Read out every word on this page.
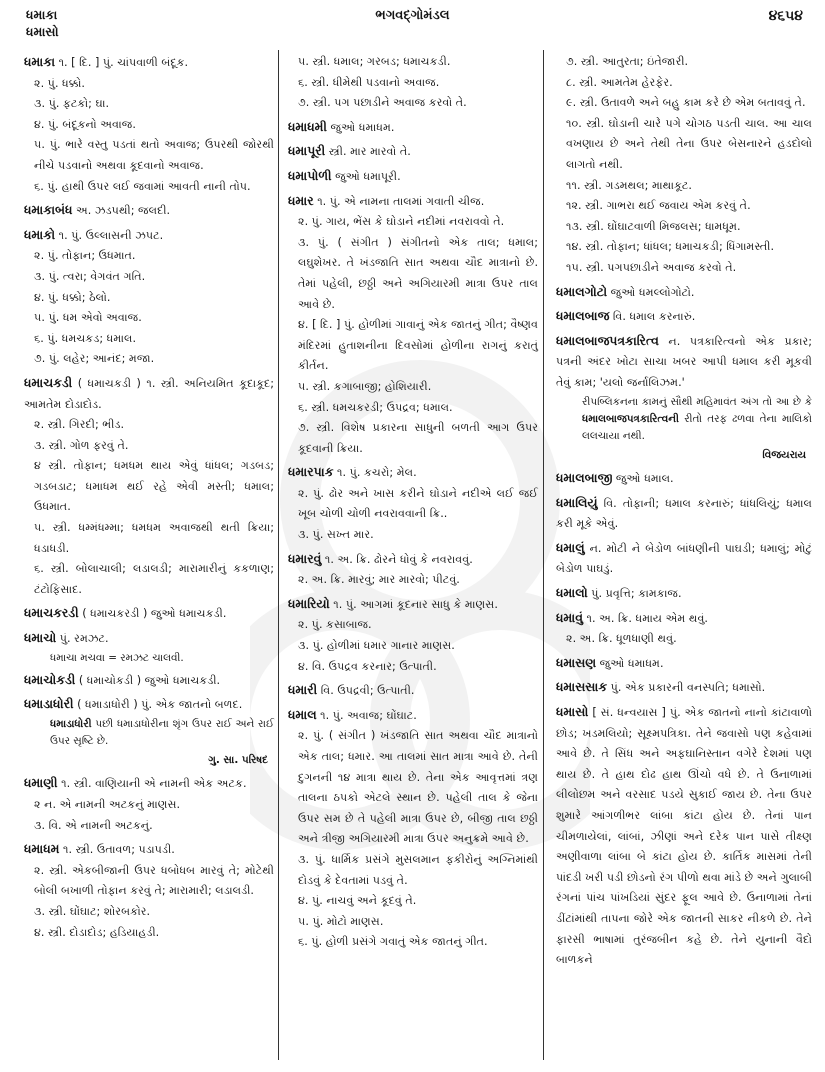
ધમાકા
ધમાસો
ભગવદ્ગોમંડલ	૪૬૫૪
ધમાકા ૧. [ દિ. ] પું. ચાંપવાળી બંદૂક.
૨. પું. ધક્કો.
૩. પું. ફટકો; ઘા.
૪. પું. બંદૂકનો અવાજ.
૫. પું. ભારે વસ્તુ પડતાં થતો અવાજ; ઉપરથી જોરથી નીચે પડવાનો અથવા કૂદવાનો અવાજ.
૬. પું. હાથી ઉપર લઈ જવામાં આવતી નાની તોપ.
ધમાકાબંધ અ. ઝડપથી; જલદી.
ધમાકો ૧. પું. ઉલ્લાસની ઝપટ.
૨. પું. તોફાન; ઉધમાત.
૩. પું. ત્વરા; વેગવંત ગતિ.
૪. પું. ધક્કો; ઠેલો.
૫. પું. ધમ એવો અવાજ.
૬. પું. ધમચકડ; ધમાલ.
૭. પું. લહેર; આનંદ; મજા.
ધમાચકડી ( ધમાચકડી ) ૧. સ્ત્રી. અનિયમિત કૂદાકૂદ; આમતેમ દોડાદોડ.
૨. સ્ત્રી. ગિરદી; ભીડ.
૩. સ્ત્રી. ગોળ ફરવું તે.
૪ સ્ત્રી. તોફાન; ધમધમ થાય એવું ધાંધલ; ગડબડ; ગડબડાટ; ધમાધમ થઈ રહે એવી મસ્તી; ધમાલ; ઉધમાત.
૫. સ્ત્રી. ધમ્મંધમ્મા; ધમધમ અવાજથી થતી ક્રિયા; ધડાધડી.
૬. સ્ત્રી. બોલાચાલી; લડાલડી; મારામારીનું કકળાણ; ટંટોફિસાદ.
ધમાચકરડી ( ધમાચકરડી ) જુઓ ધમાચકડી.
ધમાચો પું. રમઝટ.
ધમાચા મચવા = રમઝટ ચાલવી.
ધમાચોકડી ( ધમાચોકડી ) જુઓ ધમાચકડી.
ધમાડાધોરી ( ધમાડાધોરી ) પું. એક જાતનો બળદ.
ધમાડાધોરી પછી ધમાડાધોરીના શૃંગ ઉપર રાઈ અને રાઈ ઉપર સૃષ્ટિ છે.
ગુ. સા. પરિષદ
ધમાણી ૧. સ્ત્રી. વાણિયાની એ નામની એક અટક.
૨ ન. એ નામની અટકનું માણસ.
૩. વિ. એ નામની અટકનું.
ધમાધમ ૧. સ્ત્રી. ઉતાવળ; પડાપડી.
૨. સ્ત્રી. એકબીજાની ઉપર ધબોધબ મારવું તે; મોટેથી બોલી બખાળી તોફાન કરવું તે; મારામારી; લડાલડી.
૩. સ્ત્રી. ઘોંઘાટ; શોરબકોર.
૪. સ્ત્રી. દોડાદોડ; હડિયાહડી.
૫. સ્ત્રી. ધમાલ; ગરબડ; ધમાચકડી.
૬. સ્ત્રી. ધીમેથી પડવાનો અવાજ.
૭. સ્ત્રી. પગ પછાડીને અવાજ કરવો તે.
ધમાધમી જુઓ ધમાધમ.
ધમાપૂરી સ્ત્રી. માર મારવો તે.
ધમાપોળી જુઓ ધમાપૂરી.
ધમાર ૧. પું. એ નામના તાલમાં ગવાતી ચીજ.
૨. પું. ગાય, ભેંસ કે ઘોડાને નદીમાં નવરાવવો તે.
૩. પું. ( સંગીત ) સંગીતનો એક તાલ; ધમાલ; લઘુશેખર. તે ખંડજાતિ સાત અથવા ચૌદ માત્રાનો છે. તેમાં પહેલી, છઠ્ઠી અને અગિયારમી માત્રા ઉપર તાલ આવે છે.
૪. [ દિ. ] પું. હોળીમાં ગાવાનું એક જાતનું ગીત; વૈષ્ણવ મંદિરમાં હુતાશનીના દિવસોમાં હોળીના રાગનું કરાતું કીર્તન.
૫. સ્ત્રી. કગાબાજી; હોશિયારી.
૬. સ્ત્રી. ધમચકરડી; ઉપદ્રવ; ધમાલ.
૭. સ્ત્રી. વિશેષ પ્રકારના સાધુની બળતી આગ ઉપર કૂદવાની ક્રિયા.
ધમારપાક ૧. પું. કચરો; મેલ.
૨. પું. ઢોર અને ખાસ કરીને ઘોડાને નદીએ લઈ જઈ ખૂબ ચોળી ચોળી નવરાવવાની ક્રિ..
૩. પું. સખ્ત માર.
ધમારવું ૧. અ. ક્રિ. ઢોરને ધોવું કે નવરાવવું.
૨. અ. ક્રિ. મારવું; માર મારવો; પીટવું.
ધમારિયો ૧. પું. આગમાં કૂદનાર સાધુ કે માણસ.
૨. પું. કસાબાજ.
૩. પું. હોળીમાં ધમાર ગાનાર માણસ.
૪. વિ. ઉપદ્રવ કરનાર; ઉત્પાતી.
ધમારી વિ. ઉપદ્રવી; ઉત્પાતી.
ધમાલ ૧. પું. અવાજ; ઘોંઘાટ.
૨. પું. ( સંગીત ) ખંડજાતિ સાત અથવા ચૌદ માત્રાનો એક તાલ; ધમાર. આ તાલમાં સાત માત્રા આવે છે. તેની દુગનની ૧૪ માત્રા થાય છે. તેના એક આવૃત્તમાં ત્રણ તાલના ઠપકો એટલે સ્થાન છે. પહેલી તાલ કે જેના ઉપર સમ છે તે પહેલી માત્રા ઉપર છે, બીજી તાલ છઠ્ઠી અને ત્રીજી અગિયારમી માત્રા ઉપર અનુક્રમે આવે છે.
૩. પું. ધાર્મિક પ્રસંગે મુસલમાન ફકીરોનું અગ્નિમાંથી દોડવું કે દેવતામાં પડવું તે.
૪. પું. નાચવું અને કૂદવું તે.
૫. પું. મોટો માણસ.
૬. પું. હોળી પ્રસંગે ગવાતું એક જાતનું ગીત.
૭. સ્ત્રી. આતુરતા; ઇંતેજારી.
૮. સ્ત્રી. આમતેમ હેરફેર.
૯. સ્ત્રી. ઉતાવળે અને બહુ કામ કરે છે એમ બતાવવું તે.
૧૦. સ્ત્રી. ઘોડાની ચારે પગે ચોગઠ પડતી ચાલ. આ ચાલ વખણાય છે અને તેથી તેના ઉપર બેસનારને હડદોલો લાગતો નથી.
૧૧. સ્ત્રી. ગડમથલ; માથાકૂટ.
૧૨. સ્ત્રી. ગાભરા થઈ જવાય એમ કરવું તે.
૧૩. સ્ત્રી. ઘોંઘાટવાળી મિજલસ; ધામધૂમ.
૧૪. સ્ત્રી. તોફાન; ધાંધલ; ધમાચકડી; ધિંગામસ્તી.
૧૫. સ્ત્રી. પગપછાડીને અવાજ કરવો તે.
ધમાલગોટો જુઓ ધમલ્લોગોટો.
ધમાલબાજ વિ. ધમાલ કરનારું.
ધમાલબાજપત્રકારિત્વ ન. પત્રકારિત્વનો એક પ્રકાર; પત્રની અંદર ખોટા સાચા ખબર આપી ધમાલ કરી મૂકવી તેવું કામ; 'યલો જર્નાલિઝમ.'
રીપબ્લિકનના કામનું સૌથી મહિમાવંત અંગ તો આ છે કે ધમાલબાજપત્રકારિત્વની રીતો તરફ ઢળવા તેના માલિકો લલચાયા નથી.
વિજયરાય
ધમાલબાજી જુઓ ધમાલ.
ધમાલિયું વિ. તોફાની; ધમાલ કરનારું; ધાંધલિયું; ધમાલ કરી મૂકે એવું.
ધમાલું ન. મોટી ને બેડોળ બાંધણીની પાઘડી; ધમાલું; મોટું બેડોળ પાઘડું.
ધમાલો પું. પ્રવૃત્તિ; કામકાજ.
ધમાવું ૧. અ. ક્રિ. ધમાય એમ થવું.
૨. અ. ક્રિ. ધૂળધાણી થવું.
ધમાસણ જુઓ ધમાધમ.
ધમાસસાક પું. એક પ્રકારની વનસ્પતિ; ધમાસો.
ધમાસો [ સં. ધન્વયાસ ] પું. એક જાતનો નાનો કાંટાવાળો છોડ; ખડમલિયો; સૂક્ષ્મપત્રિકા. તેને જવાસો પણ કહેવામાં આવે છે. તે સિંધ અને અફઘાનિસ્તાન વગેરે દેશમાં પણ થાય છે. તે હાથ દોઢ હાથ ઊંચો વધે છે. તે ઉનાળામાં લીલોછમ અને વરસાદ પડયે સુકાઈ જાય છે. તેના ઉપર શુમારે આંગળીભર લાંબા કાંટા હોય છે. તેનાં પાન ચીમળાયેલાં, લાંબાં, ઝીણાં અને દરેક પાન પાસે તીક્ષ્ણ અણીવાળા લાંબા બે કાંટા હોય છે. કાર્તિક માસમાં તેની પાંદડી ખરી પડી છોડનો રંગ પીળો થવા માંડે છે અને ગુલાબી રંગનાં પાંચ પાંખડિયાં સુંદર ફૂલ આવે છે. ઉનાળામાં તેનાં ડીંટાંમાંથી તાપના જોરે એક જાતની સાકર નીકળે છે. તેને ફારસી ભાષામાં તુરંજબીન કહે છે. તેને યુનાની વૈદો બાળકને
